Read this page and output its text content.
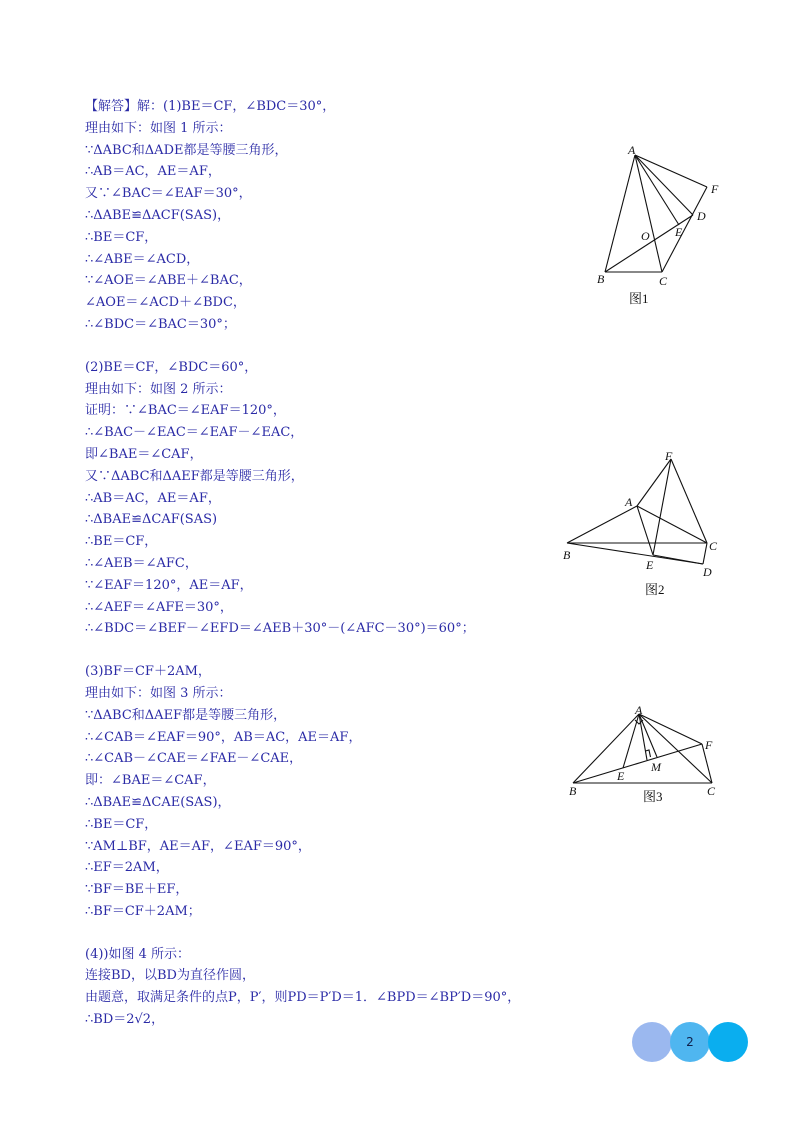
【解答】解：(1)BE＝CF，∠BDC＝30°，
理由如下：如图 1 所示：
∵ΔABC和ΔADE都是等腰三角形，
∴AB＝AC，AE＝AF，
又∵∠BAC＝∠EAF＝30°，
∴ΔABE≌ΔACF(SAS)，
∴BE＝CF，
∴∠ABE＝∠ACD，
∵∠AOE＝∠ABE＋∠BAC，
∠AOE＝∠ACD＋∠BDC，
∴∠BDC＝∠BAC＝30°；
(2)BE＝CF，∠BDC＝60°，
理由如下：如图 2 所示：
证明：∵∠BAC＝∠EAF＝120°，
∴∠BAC－∠EAC＝∠EAF－∠EAC，
即∠BAE＝∠CAF，
又∵ΔABC和ΔAEF都是等腰三角形，
∴AB＝AC，AE＝AF，
∴ΔBAE≌ΔCAF(SAS)
∴BE＝CF，
∴∠AEB＝∠AFC，
∵∠EAF＝120°，AE＝AF，
∴∠AEF＝∠AFE＝30°，
∴∠BDC＝∠BEF－∠EFD＝∠AEB＋30°－(∠AFC－30°)＝60°；
(3)BF＝CF＋2AM，
理由如下：如图 3 所示：
∵ΔABC和ΔAEF都是等腰三角形，
∴∠CAB＝∠EAF＝90°，AB＝AC，AE＝AF，
∴∠CAB－∠CAE＝∠FAE－∠CAE，
即：∠BAE＝∠CAF，
∴ΔBAE≌ΔCAE(SAS)，
∴BE＝CF，
∵AM⊥BF，AE＝AF，∠EAF＝90°，
∴EF＝2AM，
∵BF＝BE＋EF，
∴BF＝CF＋2AM；
(4))如图 4 所示：
连接BD，以BD为直径作圆，
由题意，取满足条件的点P，P′，则PD＝P′D＝1．∠BPD＝∠BP′D＝90°，
∴BD＝2√2，
A
B	C
D
E
F
O
图1
F
A
B
C
E	D
图2
A
B	C
E
F
M
图3
2
